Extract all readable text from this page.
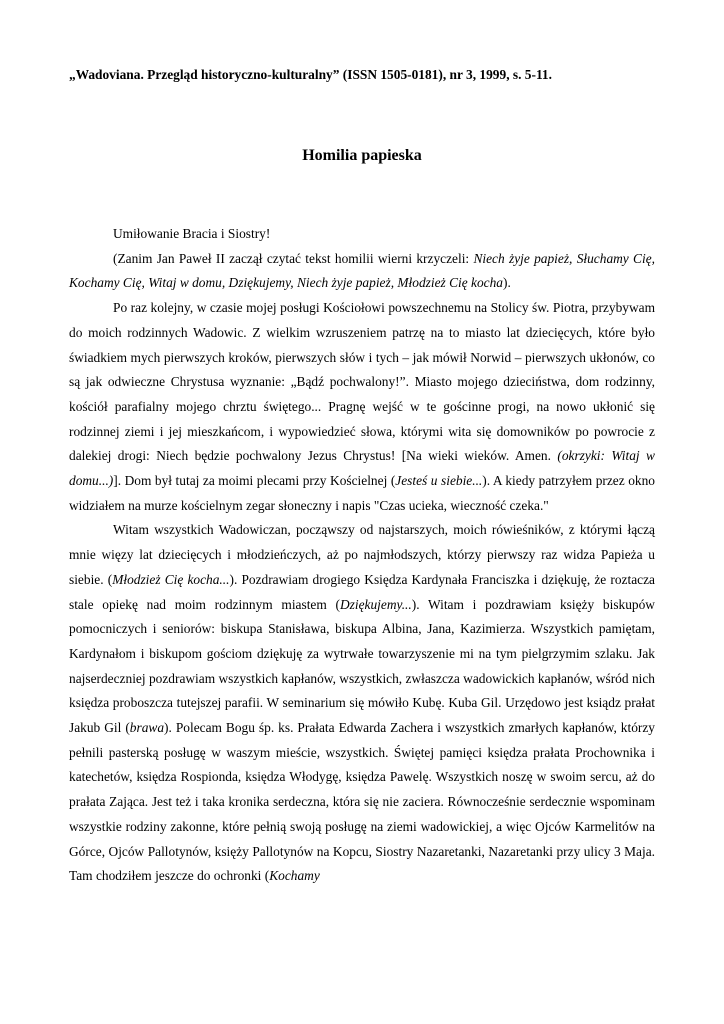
„Wadoviana. Przegląd historyczno-kulturalny” (ISSN 1505-0181), nr 3, 1999, s. 5-11.
Homilia papieska

Umiłowanie Bracia i Siostry!

(Zanim Jan Paweł II zaczął czytać tekst homilii wierni krzyczeli: Niech żyje papież, Słuchamy Cię, Kochamy Cię, Witaj w domu, Dziękujemy, Niech żyje papież, Młodzież Cię kocha).

Po raz kolejny, w czasie mojej posługi Kościołowi powszechnemu na Stolicy św. Piotra, przybywam do moich rodzinnych Wadowic. Z wielkim wzruszeniem patrzę na to miasto lat dziecięcych, które było świadkiem mych pierwszych kroków, pierwszych słów i tych – jak mówił Norwid – pierwszych ukłonów, co są jak odwieczne Chrystusa wyznanie: „Bądź pochwalony!”. Miasto mojego dzieciństwa, dom rodzinny, kościół parafialny mojego chrztu świętego... Pragnę wejść w te gościnne progi, na nowo ukłonić się rodzinnej ziemi i jej mieszkańcom, i wypowiedzieć słowa, którymi wita się domowników po powrocie z dalekiej drogi: Niech będzie pochwalony Jezus Chrystus! [Na wieki wieków. Amen. (okrzyki: Witaj w domu...)]. Dom był tutaj za moimi plecami przy Kościelnej (Jesteś u siebie...). A kiedy patrzyłem przez okno widziałem na murze kościelnym zegar słoneczny i napis "Czas ucieka, wieczność czeka."

Witam wszystkich Wadowiczan, począwszy od najstarszych, moich rówieśników, z którymi łączą mnie więzy lat dziecięcych i młodzieńczych, aż po najmłodszych, którzy pierwszy raz widza Papieża u siebie. (Młodzież Cię kocha...). Pozdrawiam drogiego Księdza Kardynała Franciszka i dziękuję, że roztacza stale opiekę nad moim rodzinnym miastem (Dziękujemy...). Witam i pozdrawiam księży biskupów pomocniczych i seniorów: biskupa Stanisława, biskupa Albina, Jana, Kazimierza. Wszystkich pamiętam, Kardynałom i biskupom gościom dziękuję za wytrwałe towarzyszenie mi na tym pielgrzymim szlaku. Jak najserdeczniej pozdrawiam wszystkich kapłanów, wszystkich, zwłaszcza wadowickich kapłanów, wśród nich księdza proboszcza tutejszej parafii. W seminarium się mówiło Kubę. Kuba Gil. Urzędowo jest ksiądz prałat Jakub Gil (brawa). Polecam Bogu śp. ks. Prałata Edwarda Zachera i wszystkich zmarłych kapłanów, którzy pełnili pasterską posługę w waszym mieście, wszystkich. Świętej pamięci księdza prałata Prochownika i katechetów, księdza Rospionda, księdza Włodygę, księdza Pawelę. Wszystkich noszę w swoim sercu, aż do prałata Zająca. Jest też i taka kronika serdeczna, która się nie zaciera. Równocześnie serdecznie wspominam wszystkie rodziny zakonne, które pełnią swoją posługę na ziemi wadowickiej, a więc Ojców Karmelitów na Górce, Ojców Pallotynów, księży Pallotynów na Kopcu, Siostry Nazaretanki, Nazaretanki przy ulicy 3 Maja. Tam chodziłem jeszcze do ochronki (Kochamy
